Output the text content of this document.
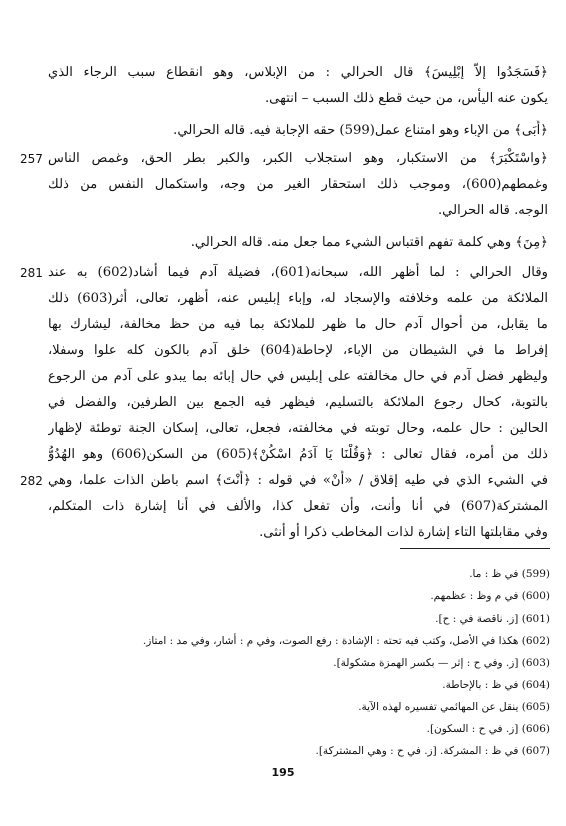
﴿فَسَجَدُوا إلاّ إبْلِيسَ﴾ قال الحرالي : من الإبلاس، وهو انقطاع سبب الرجاء الذي
يكون عنه اليأس، من حيث قطع ذلك السبب – انتهى.
﴿أَبَى﴾ من الإباء وهو امتناع عمل(599) حقه الإجابة فيه. قاله الحرالي.
257 ﴿واسْتَكْبَرَ﴾ من الاستكبار، وهو استجلاب الكبر، والكبر بطر الحق، وغمص الناس
وغمطهم(600)، وموجب ذلك استحقار الغير من وجه، واستكمال النفس من ذلك
الوجه. قاله الحرالي.
﴿مِنَ﴾ وهي كلمة تفهم اقتباس الشيء مما جعل منه. قاله الحرالي.
281 وقال الحرالي : لما أظهر الله، سبحانه(601)، فضيلة آدم فيما أشاد(602) به عند
الملائكة من علمه وخلافته والإسجاد له، وإباء إبليس عنه، أظهر، تعالى، أثر(603) ذلك
ما يقابل، من أحوال آدم حال ما ظهر للملائكة بما فيه من حظ مخالفة، ليشارك بها
إفراط ما في الشيطان من الإباء، لإحاطة(604) خلق آدم بالكون كله علوا وسفلا،
وليظهر فضل آدم في حال مخالفته على إبليس في حال إبائه بما يبدو على آدم من الرجوع
بالتوبة، كحال رجوع الملائكة بالتسليم، فيظهر فيه الجمع بين الطرفين، والفضل في
الحالين : حال علمه، وحال توبته في مخالفته، فجعل، تعالى، إسكان الجنة توطئة لإظهار
ذلك من أمره، فقال تعالى : ﴿وَقُلْنَا يَا آدَمُ اسْكُنْ﴾(605) من السكن(606) وهو الهُدُوُّ
282 في الشيء الذي في طيه إقلاق / «أَنْ» في قوله : ﴿أَنْتَ﴾ اسم باطن الذات علما، وهي
المشتركة(607) في أنا وأنت، وأن تفعل كذا، والألف في أنا إشارة ذات المتكلم،
وفي مقابلتها التاء إشارة لذات المخاطب ذكرا أو أنثى.
(599) في ظ : ما.
(600) في م وظ : عظمهم.
(601) [ز. ناقصة في : ح].
(602) هكذا في الأصل، وكتب فيه تحته : الإشادة : رفع الصوت، وفي م : أشار، وفي مد : امتاز.
(603) [ز. وفي ح : إثر — بكسر الهمزة مشكولة].
(604) في ظ : بالإحاطة.
(605) ينقل عن المهائمي تفسيره لهذه الآية.
(606) [ز. في ح : السكون].
(607) في ظ : المشركة. [ز. في ح : وهي المشتركة].
195
